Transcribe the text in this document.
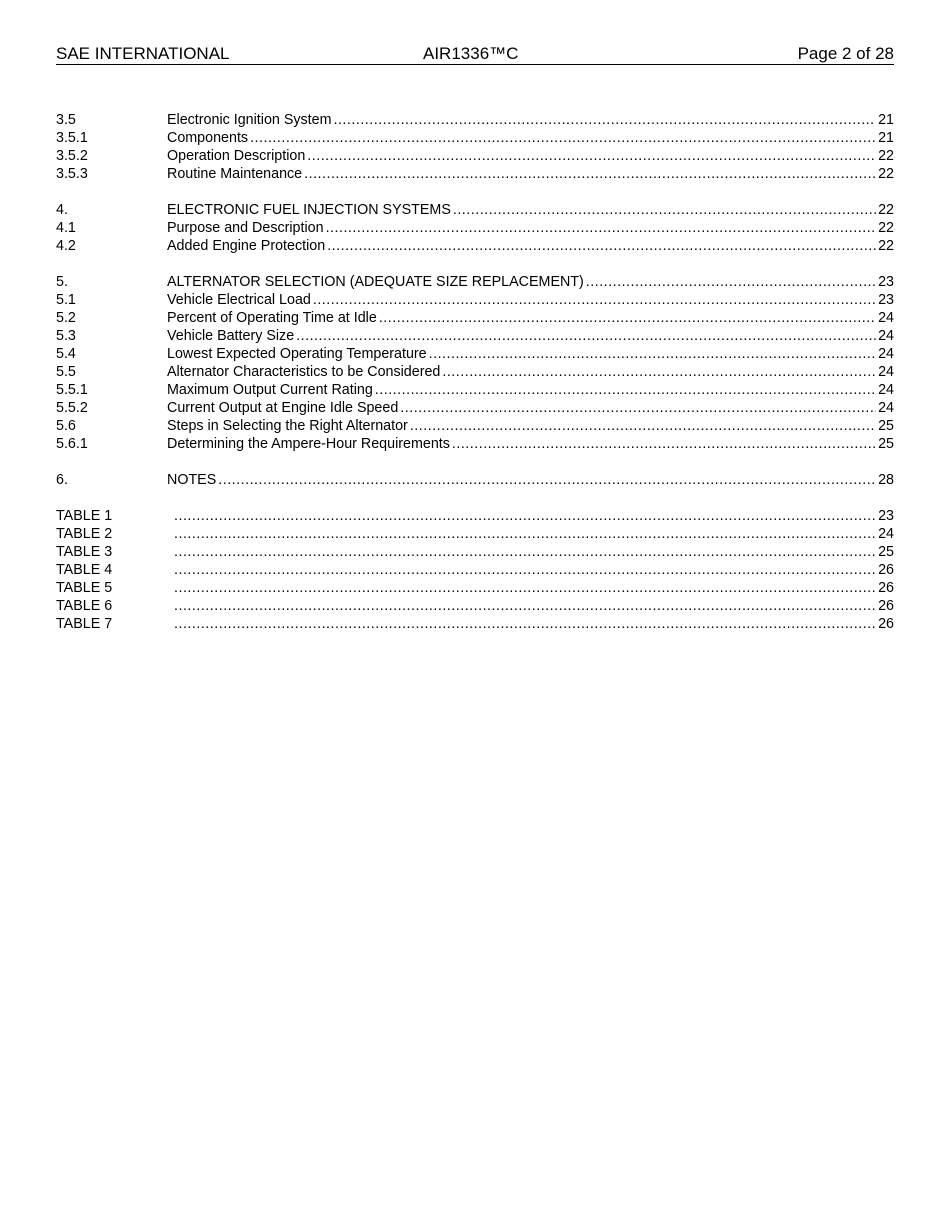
SAE INTERNATIONAL	AIR1336™C	Page 2 of 28
3.5	Electronic Ignition System .....	21
3.5.1	Components .....	21
3.5.2	Operation Description .....	22
3.5.3	Routine Maintenance .....	22
4.	ELECTRONIC FUEL INJECTION SYSTEMS .....	22
4.1	Purpose and Description .....	22
4.2	Added Engine Protection .....	22
5.	ALTERNATOR SELECTION (ADEQUATE SIZE REPLACEMENT) .....	23
5.1	Vehicle Electrical Load .....	23
5.2	Percent of Operating Time at Idle .....	24
5.3	Vehicle Battery Size .....	24
5.4	Lowest Expected Operating Temperature .....	24
5.5	Alternator Characteristics to be Considered .....	24
5.5.1	Maximum Output Current Rating .....	24
5.5.2	Current Output at Engine Idle Speed .....	24
5.6	Steps in Selecting the Right Alternator .....	25
5.6.1	Determining the Ampere-Hour Requirements .....	25
6.	NOTES .....	28
TABLE 1 .....	23
TABLE 2 .....	24
TABLE 3 .....	25
TABLE 4 .....	26
TABLE 5 .....	26
TABLE 6 .....	26
TABLE 7 .....	26
